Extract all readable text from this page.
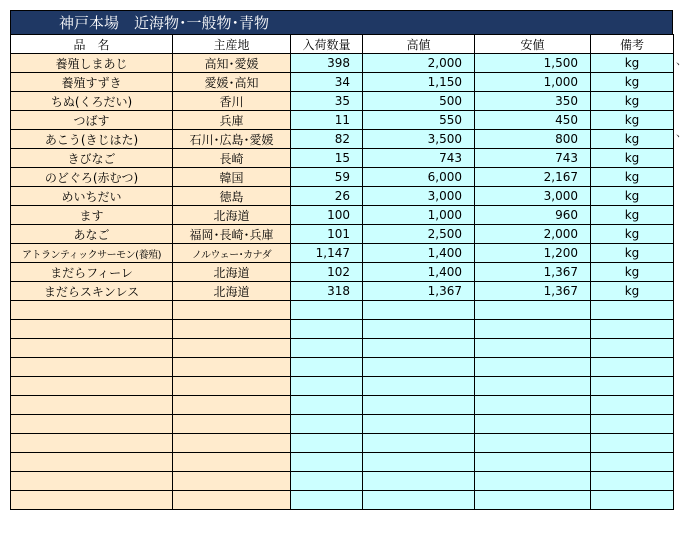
神戸本場　近海物･一般物･青物
品　名	主産地	入荷数量	高値	安値	備考
養殖しまあじ	高知･愛媛	398	2,000	1,500	kg
養殖すずき	愛媛･高知	34	1,150	1,000	kg
ちぬ(くろだい)	香川	35	500	350	kg
つばす	兵庫	11	550	450	kg
あこう(きじはた)	石川･広島･愛媛	82	3,500	800	kg
きびなご	長崎	15	743	743	kg
のどぐろ(赤むつ)	韓国	59	6,000	2,167	kg
めいちだい	徳島	26	3,000	3,000	kg
ます	北海道	100	1,000	960	kg
あなご	福岡･長崎･兵庫	101	2,500	2,000	kg
アトランティックサーモン(養殖)	ノルウェー･カナダ	1,147	1,400	1,200	kg
まだらフィーレ	北海道	102	1,400	1,367	kg
まだらスキンレス	北海道	318	1,367	1,367	kg

、
、
